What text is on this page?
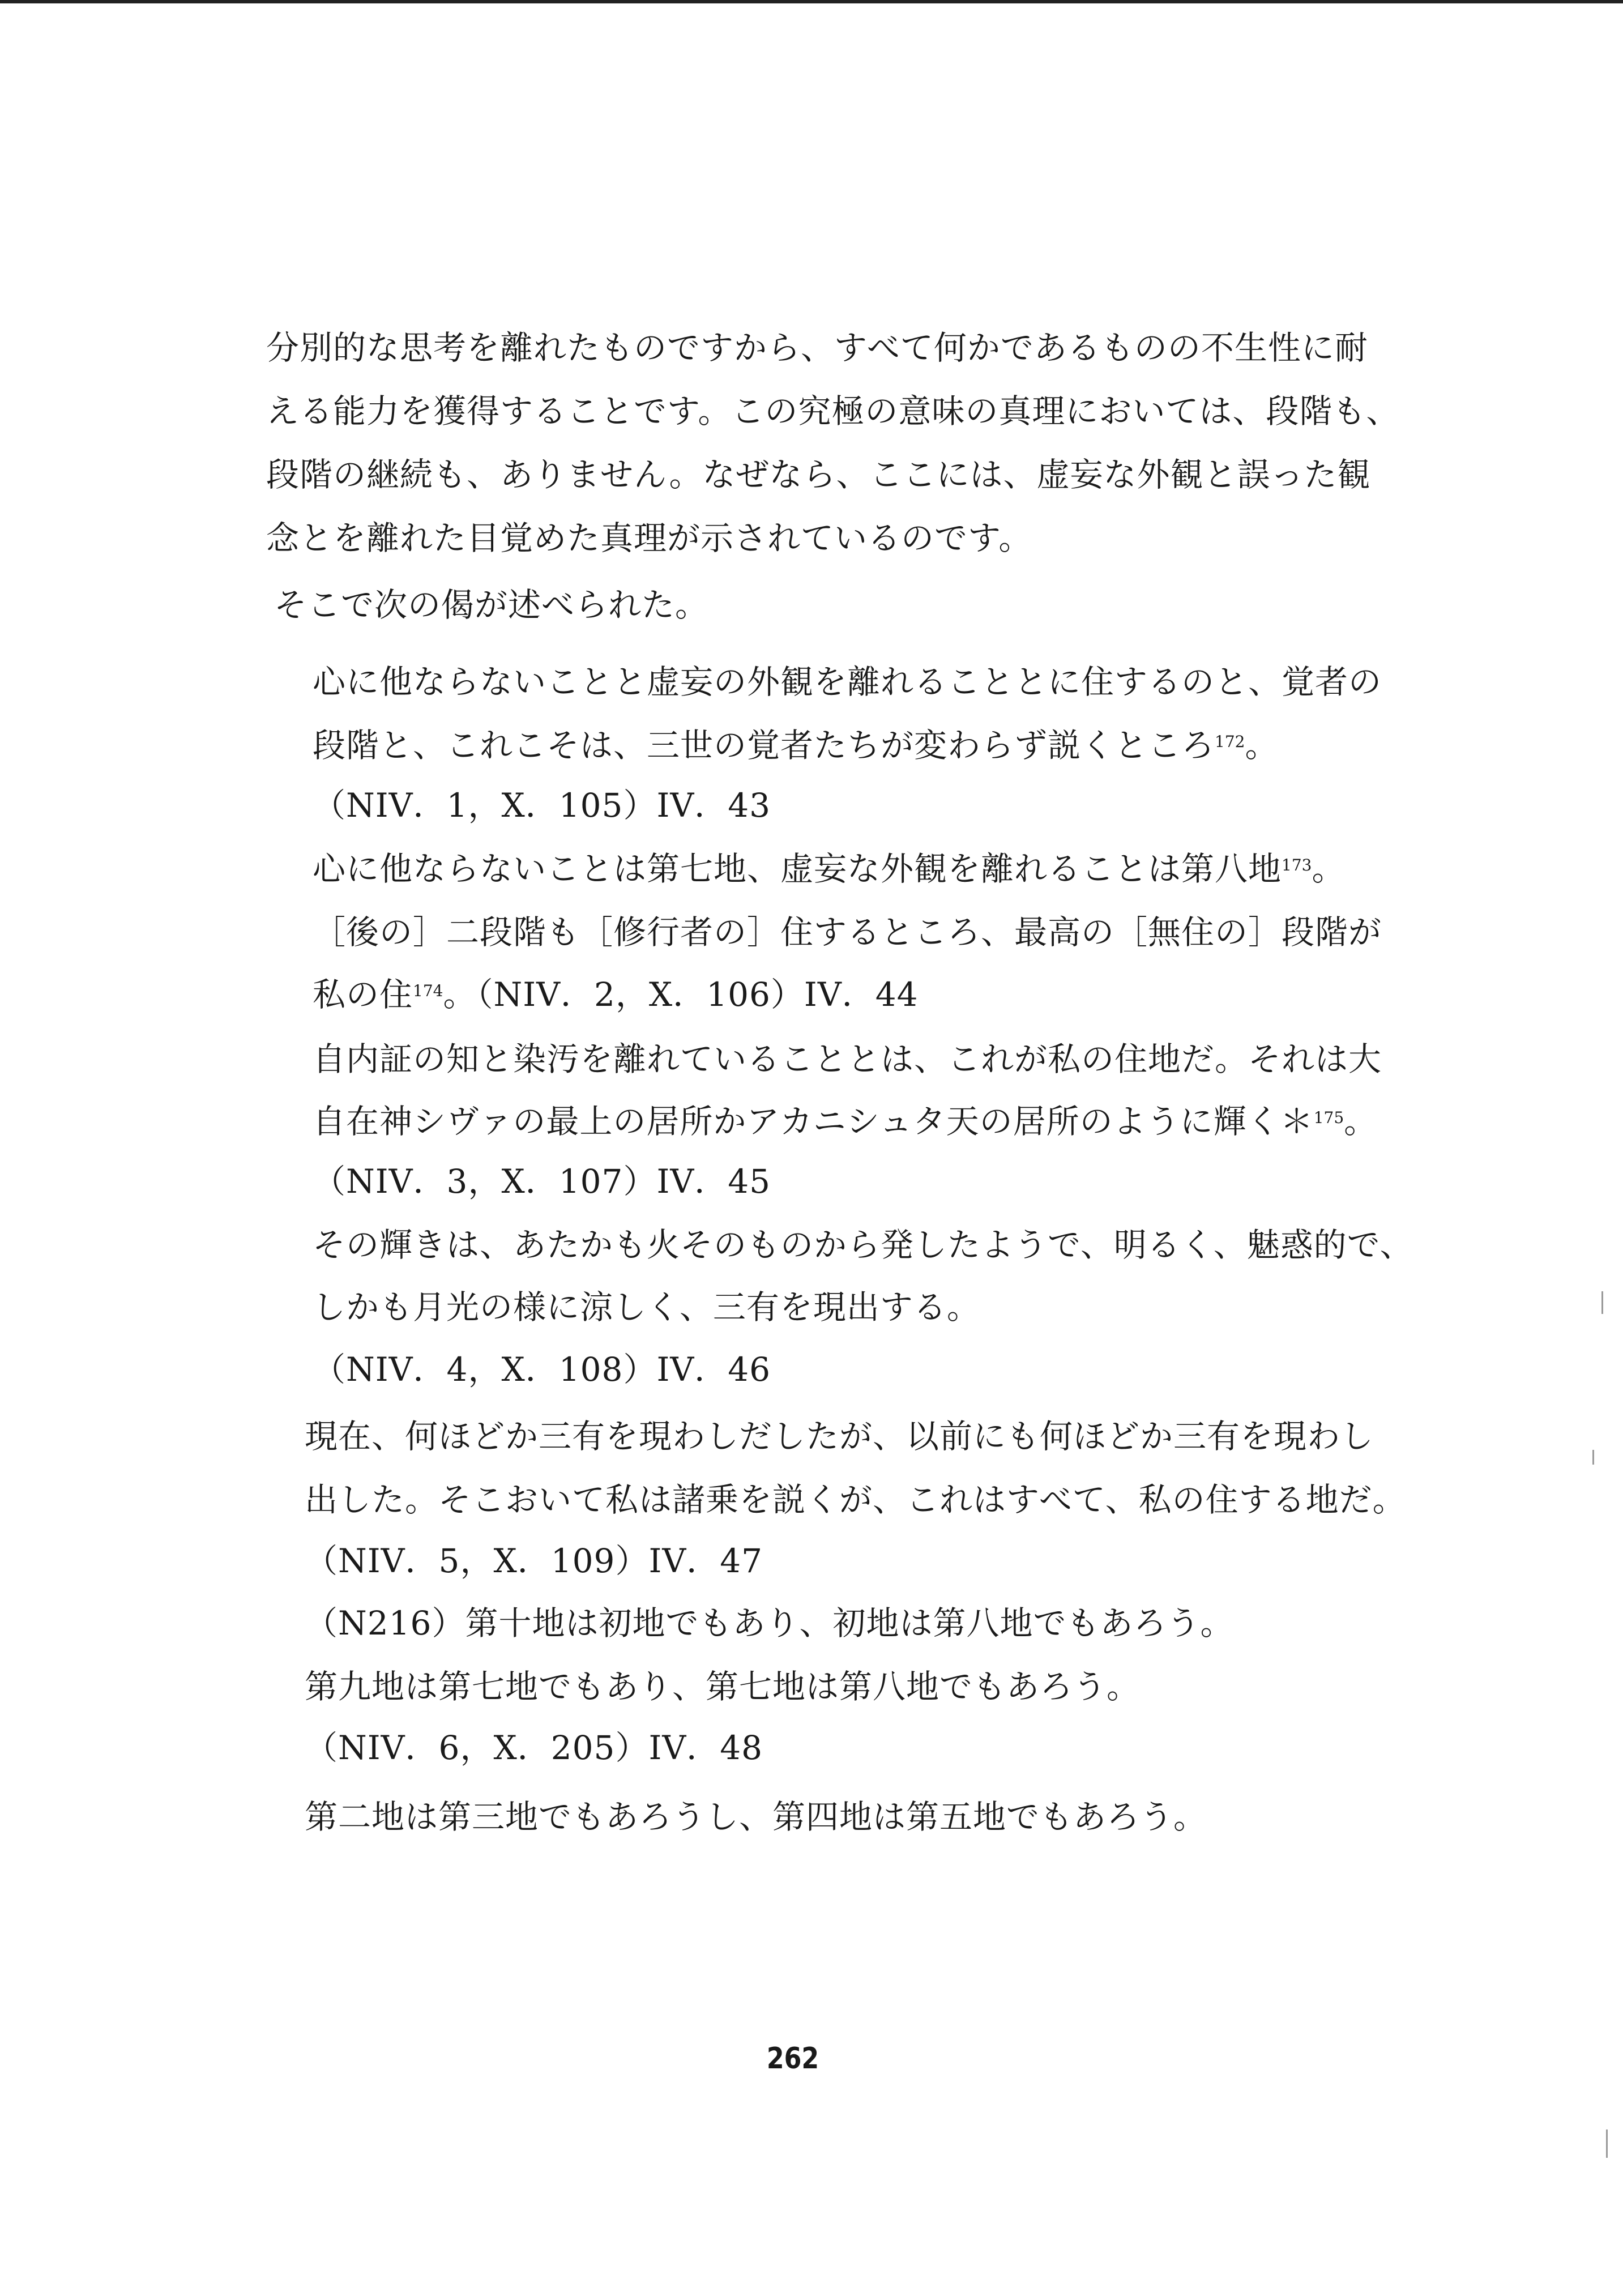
分別的な思考を離れたものですから、すべて何かであるものの不生性に耐
える能力を獲得することです。この究極の意味の真理においては、段階も、
段階の継続も、ありません。なぜなら、ここには、虚妄な外観と誤った観
念とを離れた目覚めた真理が示されているのです。
そこで次の偈が述べられた。
心に他ならないことと虚妄の外観を離れることとに住するのと、覚者の
段階と、これこそは、三世の覚者たちが変わらず説くところ$^{172}$。
（NIV．1，X．105）IV．43
心に他ならないことは第七地、虚妄な外観を離れることは第八地$^{173}$。
［後の］二段階も［修行者の］住するところ、最高の［無住の］段階が
私の住$^{174}$。（NIV．2，X．106）IV．44
自内証の知と染汚を離れていることとは、これが私の住地だ。それは大
自在神シヴァの最上の居所かアカニシュタ天の居所のように輝く＊$^{175}$。
（NIV．3，X．107）IV．45
その輝きは、あたかも火そのものから発したようで、明るく、魅惑的で、
しかも月光の様に涼しく、三有を現出する。
（NIV．4，X．108）IV．46
現在、何ほどか三有を現わしだしたが、以前にも何ほどか三有を現わし
出した。そこおいて私は諸乗を説くが、これはすべて、私の住する地だ。
（NIV．5，X．109）IV．47
（N216）第十地は初地でもあり、初地は第八地でもあろう。
第九地は第七地でもあり、第七地は第八地でもあろう。
（NIV．6，X．205）IV．48
第二地は第三地でもあろうし、第四地は第五地でもあろう。
262
